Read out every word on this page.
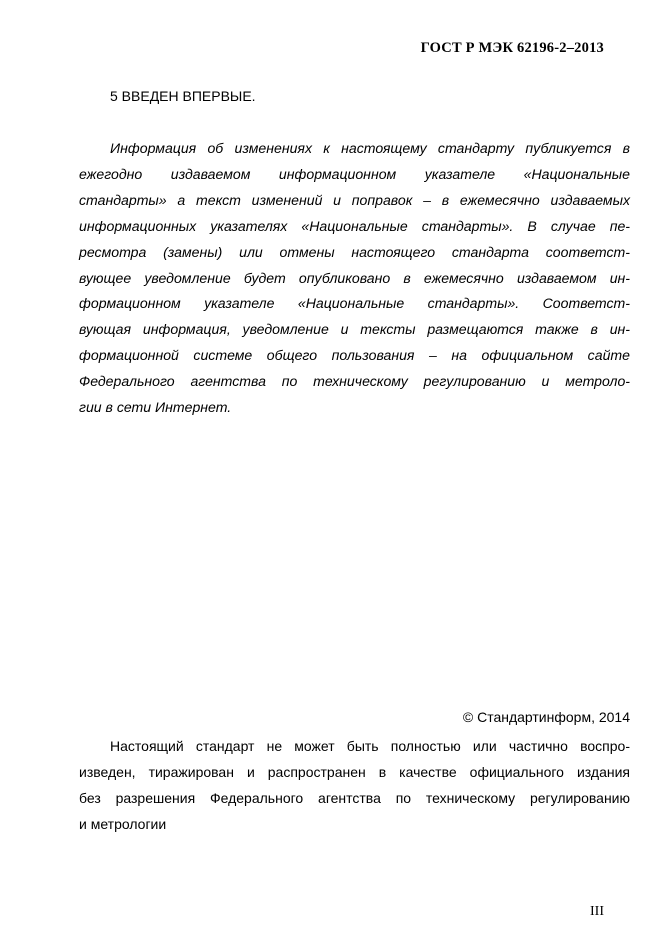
ГОСТ Р МЭК 62196-2–2013
5 ВВЕДЕН ВПЕРВЫЕ.
Информация об изменениях к настоящему стандарту публикуется в
ежегодно издаваемом информационном указателе «Национальные
стандарты» а текст изменений и поправок – в ежемесячно издаваемых
информационных указателях «Национальные стандарты». В случае пе-
ресмотра (замены) или отмены настоящего стандарта соответст-
вующее уведомление будет опубликовано в ежемесячно издаваемом ин-
формационном указателе «Национальные стандарты». Соответст-
вующая информация, уведомление и тексты размещаются также в ин-
формационной системе общего пользования – на официальном сайте
Федерального агентства по техническому регулированию и метроло-
гии в сети Интернет.
© Стандартинформ, 2014
Настоящий стандарт не может быть полностью или частично воспро-
изведен, тиражирован и распространен в качестве официального издания
без разрешения Федерального агентства по техническому регулированию
и метрологии
III
